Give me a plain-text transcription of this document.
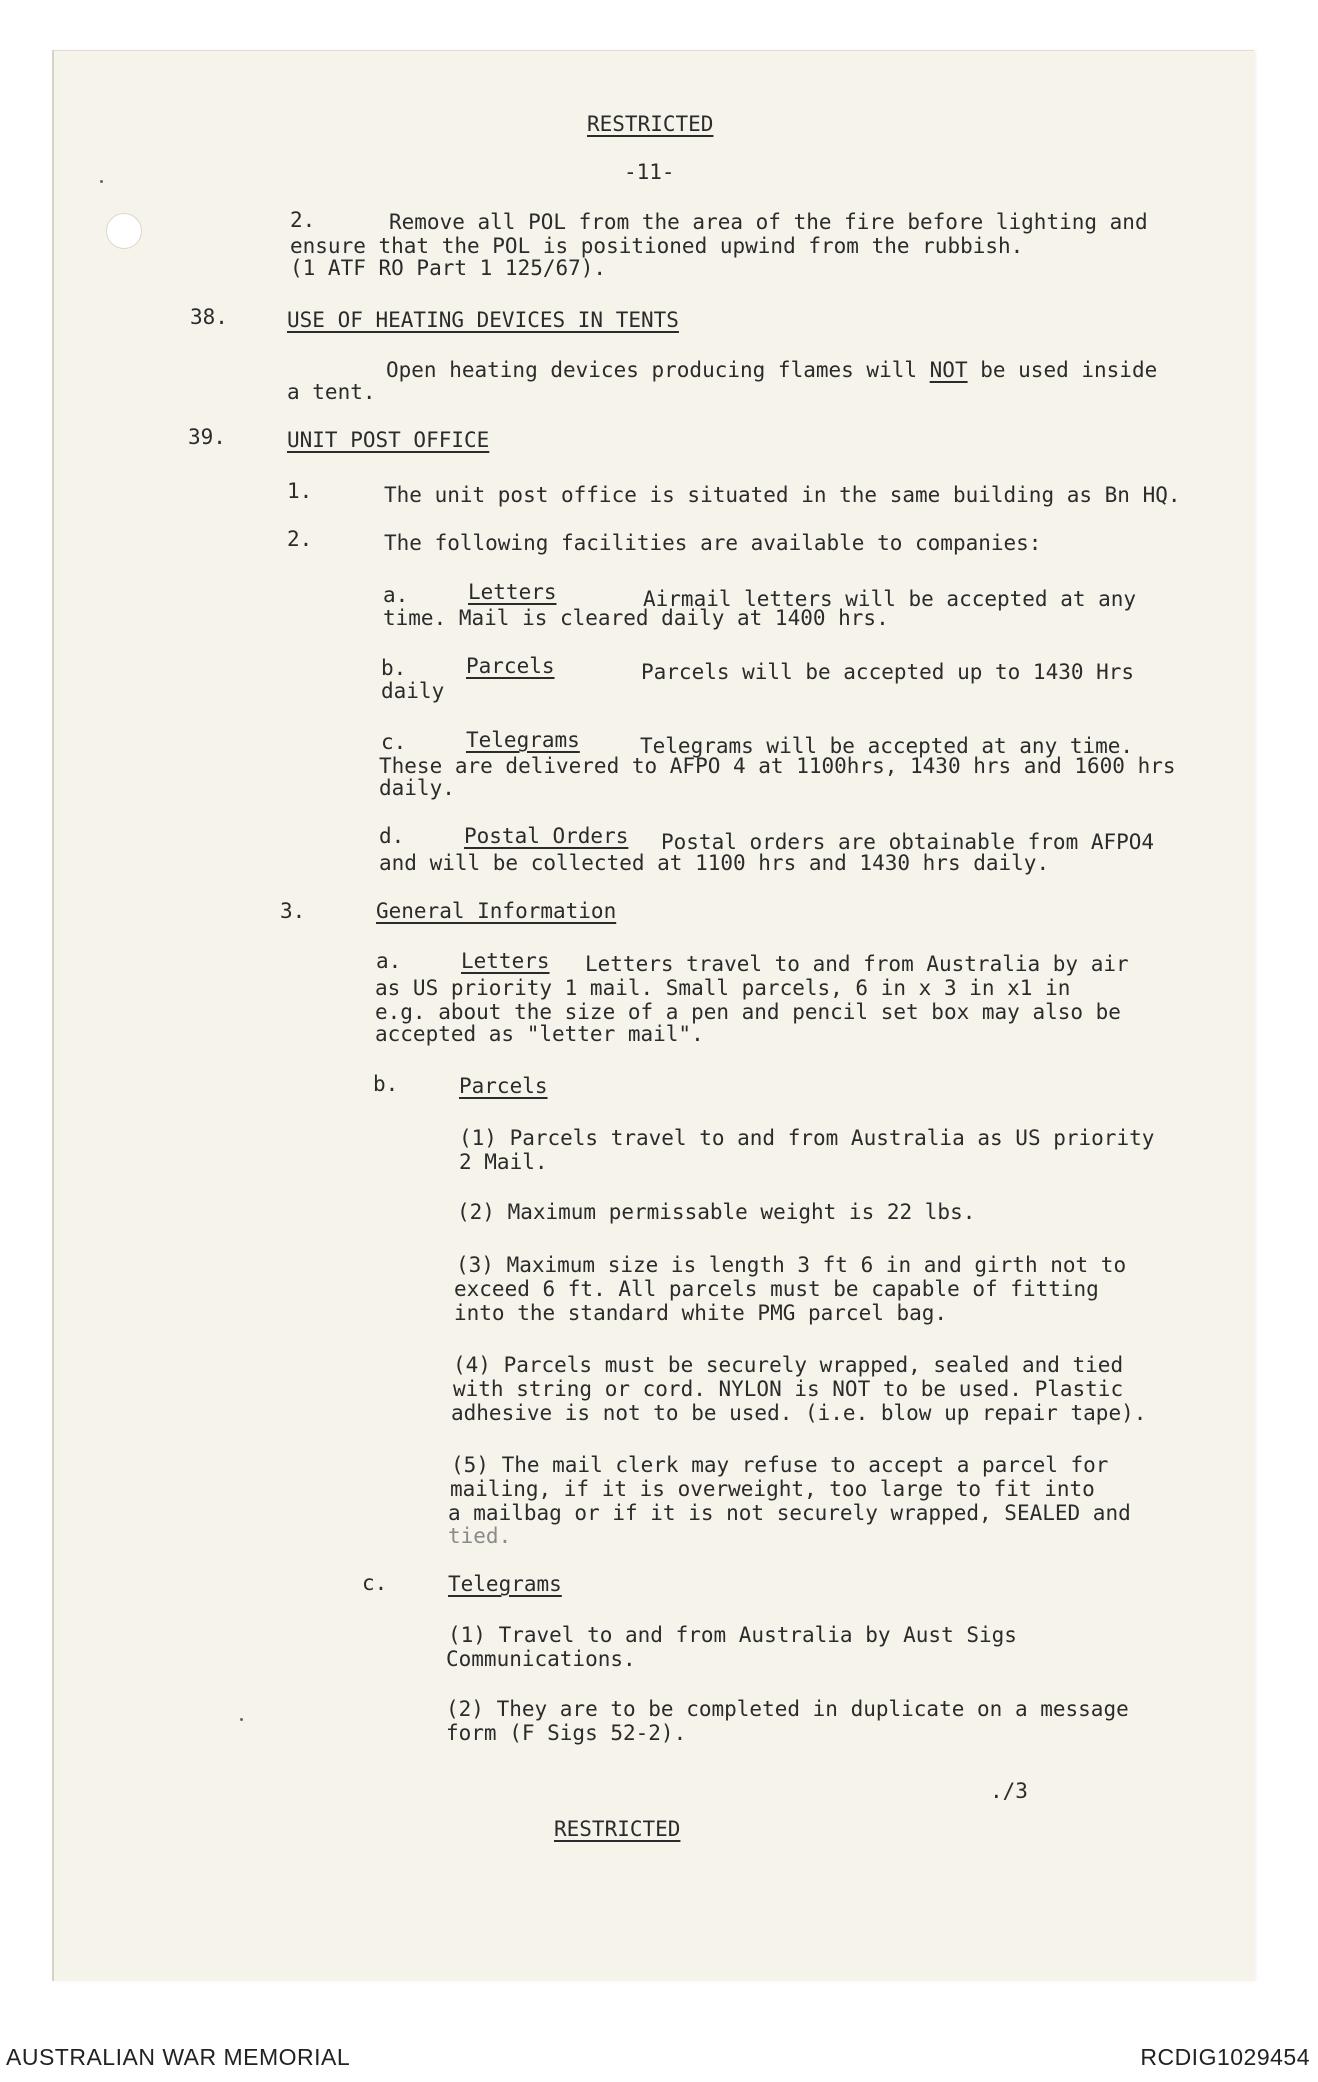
RESTRICTED
-11-
2.	Remove all POL from the area of the fire before lighting and
ensure that the POL is positioned upwind from the rubbish.
(1 ATF RO Part 1 125/67).
38.	USE OF HEATING DEVICES IN TENTS
Open heating devices producing flames will NOT be used inside
a tent.
39.	UNIT POST OFFICE
1.	The unit post office is situated in the same building as Bn HQ.
2.	The following facilities are available to companies:
a.	Letters	Airmail letters will be accepted at any
time. Mail is cleared daily at 1400 hrs.
b.	Parcels	Parcels will be accepted up to 1430 Hrs
daily
c.	Telegrams	Telegrams will be accepted at any time.
These are delivered to AFPO 4 at 1100hrs, 1430 hrs and 1600 hrs
daily.
d.	Postal Orders Postal orders are obtainable from AFPO4
and will be collected at 1100 hrs and 1430 hrs daily.
3.	General Information
a.	Letters Letters travel to and from Australia by air
as US priority 1 mail. Small parcels, 6 in x 3 in x1 in
e.g. about the size of a pen and pencil set box may also be
accepted as "letter mail".
b.	Parcels
(1) Parcels travel to and from Australia as US priority
2 Mail.
(2) Maximum permissable weight is 22 lbs.
(3) Maximum size is length 3 ft 6 in and girth not to
exceed 6 ft. All parcels must be capable of fitting
into the standard white PMG parcel bag.
(4) Parcels must be securely wrapped, sealed and tied
with string or cord. NYLON is NOT to be used. Plastic
adhesive is not to be used. (i.e. blow up repair tape).
(5) The mail clerk may refuse to accept a parcel for
mailing, if it is overweight, too large to fit into
a mailbag or if it is not securely wrapped, SEALED and
tied.
c.	Telegrams
(1) Travel to and from Australia by Aust Sigs
Communications.
(2) They are to be completed in duplicate on a message
form (F Sigs 52-2).
./3
RESTRICTED
AUSTRALIAN WAR MEMORIAL	RCDIG1029454
